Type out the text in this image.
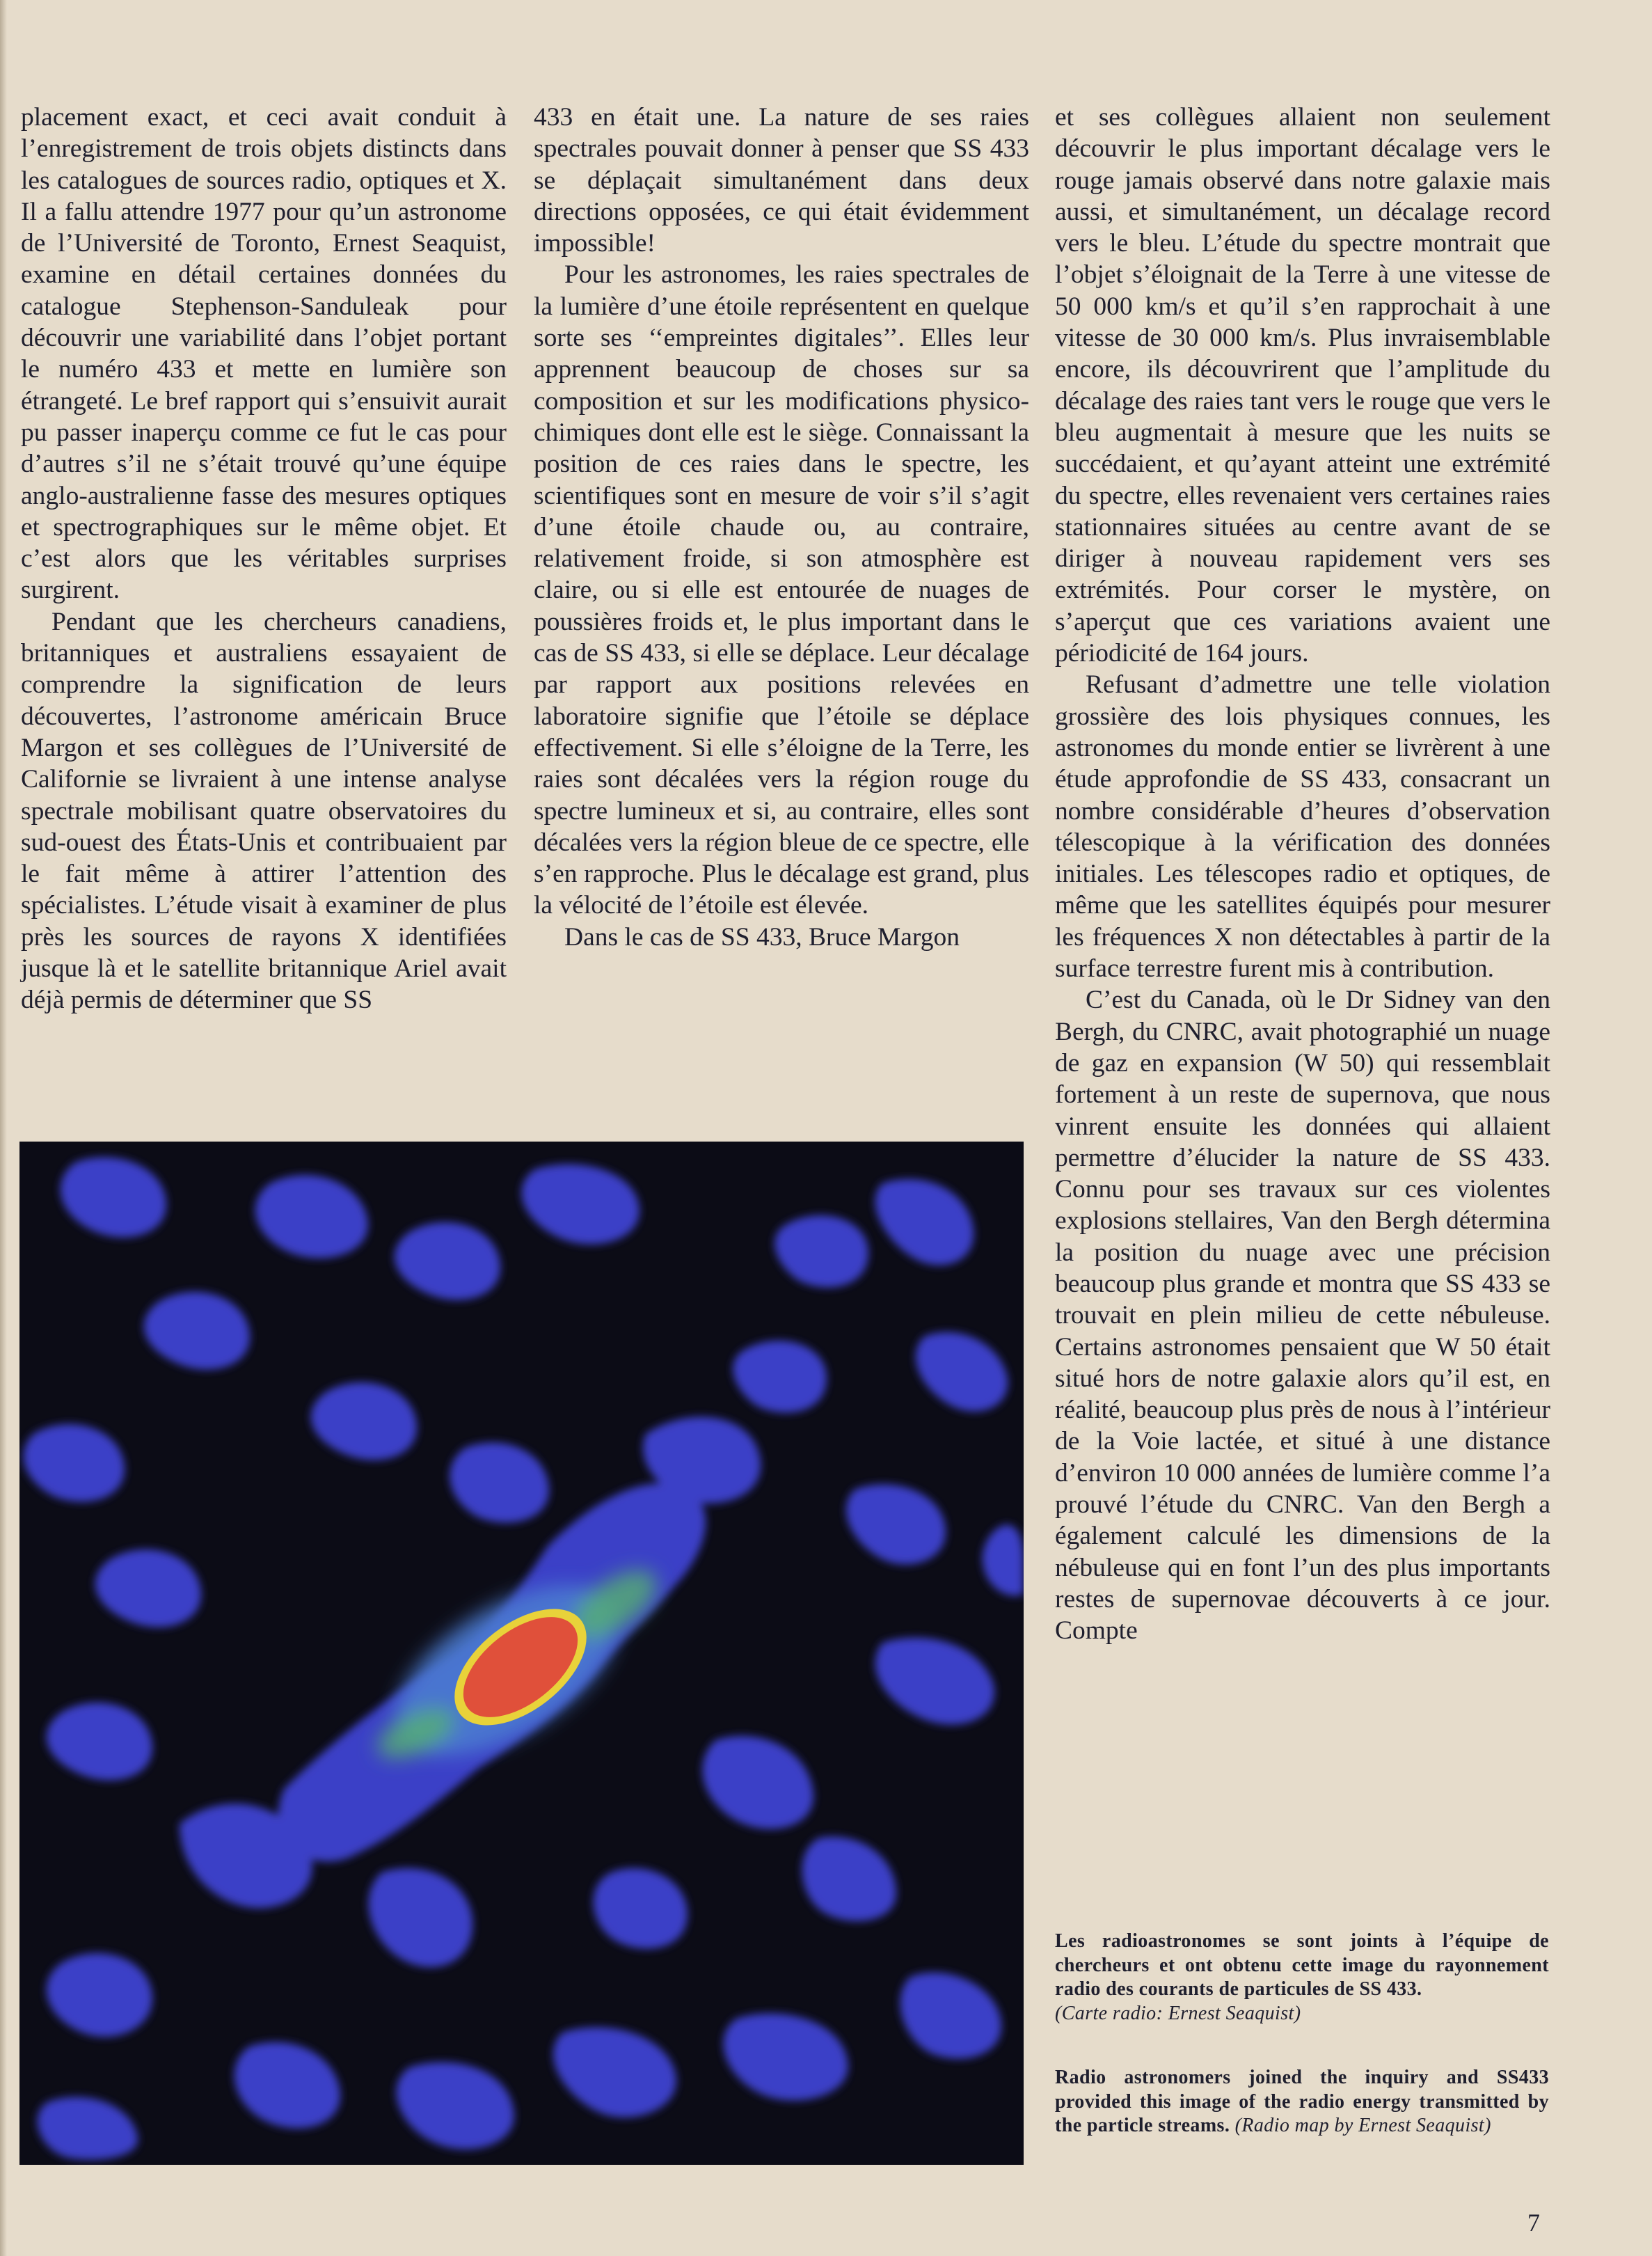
placement exact, et ceci avait conduit à l’enregistrement de trois objets distincts dans les catalogues de sources radio, optiques et X. Il a fallu attendre 1977 pour qu’un astronome de l’Université de Toronto, Ernest Seaquist, examine en détail certaines données du catalogue Stephenson-Sanduleak pour découvrir une variabilité dans l’objet portant le numéro 433 et mette en lumière son étrangeté. Le bref rapport qui s’ensuivit aurait pu passer inaperçu comme ce fut le cas pour d’autres s’il ne s’était trouvé qu’une équipe anglo-australienne fasse des mesures optiques et spectrographiques sur le même objet. Et c’est alors que les véritables surprises surgirent.

Pendant que les chercheurs canadiens, britanniques et australiens essayaient de comprendre la signification de leurs découvertes, l’astronome américain Bruce Margon et ses collègues de l’Université de Californie se livraient à une intense analyse spectrale mobilisant quatre observatoires du sud-ouest des États-Unis et contribuaient par le fait même à attirer l’attention des spécialistes. L’étude visait à examiner de plus près les sources de rayons X identifiées jusque là et le satellite britannique Ariel avait déjà permis de déterminer que SS

433 en était une. La nature de ses raies spectrales pouvait donner à penser que SS 433 se déplaçait simultanément dans deux directions opposées, ce qui était évidemment impossible!

Pour les astronomes, les raies spectrales de la lumière d’une étoile représentent en quelque sorte ses ‘‘empreintes digitales’’. Elles leur apprennent beaucoup de choses sur sa composition et sur les modifications physico-chimiques dont elle est le siège. Connaissant la position de ces raies dans le spectre, les scientifiques sont en mesure de voir s’il s’agit d’une étoile chaude ou, au contraire, relativement froide, si son atmosphère est claire, ou si elle est entourée de nuages de poussières froids et, le plus important dans le cas de SS 433, si elle se déplace. Leur décalage par rapport aux positions relevées en laboratoire signifie que l’étoile se déplace effectivement. Si elle s’éloigne de la Terre, les raies sont décalées vers la région rouge du spectre lumineux et si, au contraire, elles sont décalées vers la région bleue de ce spectre, elle s’en rapproche. Plus le décalage est grand, plus la vélocité de l’étoile est élevée.

Dans le cas de SS 433, Bruce Margon

et ses collègues allaient non seulement découvrir le plus important décalage vers le rouge jamais observé dans notre galaxie mais aussi, et simultanément, un décalage record vers le bleu. L’étude du spectre montrait que l’objet s’éloignait de la Terre à une vitesse de 50 000 km/s et qu’il s’en rapprochait à une vitesse de 30 000 km/s. Plus invraisemblable encore, ils découvrirent que l’amplitude du décalage des raies tant vers le rouge que vers le bleu augmentait à mesure que les nuits se succédaient, et qu’ayant atteint une extrémité du spectre, elles revenaient vers certaines raies stationnaires situées au centre avant de se diriger à nouveau rapidement vers ses extrémités. Pour corser le mystère, on s’aperçut que ces variations avaient une périodicité de 164 jours.

Refusant d’admettre une telle violation grossière des lois physiques connues, les astronomes du monde entier se livrèrent à une étude approfondie de SS 433, consacrant un nombre considérable d’heures d’observation télescopique à la vérification des données initiales. Les télescopes radio et optiques, de même que les satellites équipés pour mesurer les fréquences X non détectables à partir de la surface terrestre furent mis à contribution.

C’est du Canada, où le Dr Sidney van den Bergh, du CNRC, avait photographié un nuage de gaz en expansion (W 50) qui ressemblait fortement à un reste de supernova, que nous vinrent ensuite les données qui allaient permettre d’élucider la nature de SS 433. Connu pour ses travaux sur ces violentes explosions stellaires, Van den Bergh détermina la position du nuage avec une précision beaucoup plus grande et montra que SS 433 se trouvait en plein milieu de cette nébuleuse. Certains astronomes pensaient que W 50 était situé hors de notre galaxie alors qu’il est, en réalité, beaucoup plus près de nous à l’intérieur de la Voie lactée, et situé à une distance d’environ 10 000 années de lumière comme l’a prouvé l’étude du CNRC. Van den Bergh a également calculé les dimensions de la nébuleuse qui en font l’un des plus importants restes de supernovae découverts à ce jour. Compte

Les radioastronomes se sont joints à l’équipe de chercheurs et ont obtenu cette image du rayonnement radio des courants de particules de SS 433.
(Carte radio: Ernest Seaquist)
Radio astronomers joined the inquiry and SS433 provided this image of the radio energy transmitted by the particle streams. (Radio map by Ernest Seaquist)
7
